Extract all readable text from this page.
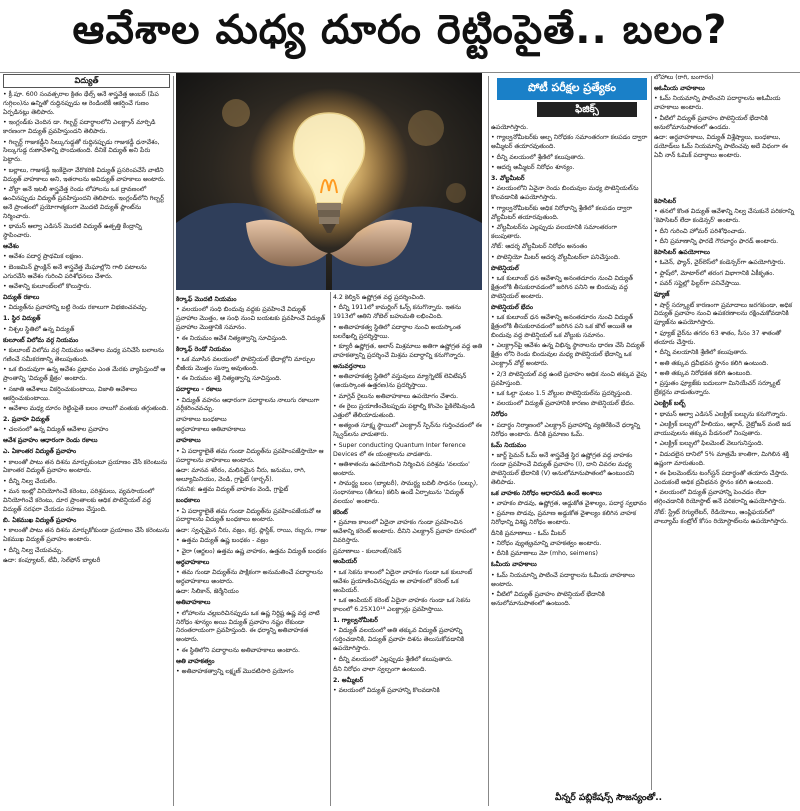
ఆవేశాల మధ్య దూరం రెట్టింపైతే.. బలం?
విద్యుత్

• క్రీ.పూ. 600 సంవత్సరాల క్రితం థేల్స్ అనే శాస్త్రవేత్త అంబర్ (పేప గుగ్గిలం)ను ఉన్నితో రుద్దినప్పుడు ఆ రెండింటికీ ఆకర్షించే గుణం ఏర్పడినట్లు తెలిపారు.

• ఇంగ్లండ్‌కు చెందిన డా. గిల్బర్ట్ పదార్థాలలోని ఎలక్ట్రాన్ మార్పిడి కారణంగా విద్యుత్ ప్రవహిస్తుందని తెలిపారు.

• గిల్బర్ట్ గాజుకడ్డీని సిల్కుగుడ్డతో రుద్దినప్పుడు గాజుకడ్డీ ధనావేశం, సిల్కుగుడ్డ రుణావేశాన్ని పొందుతుంది. దీనికే విద్యుత్ అని పేరు పెట్టారు.

• బల్లాలు, గాజుకడ్డీ ఇంకేదైనా వేరొకరికి విద్యుత్ ప్రసరింపచేసే వాటిని విద్యుత్ వాహకాలు అని, ఇతరాలను అవిద్యుత్ వాహకాలు అంటారు.

• వోల్టా అనే ఇటలీ శాస్త్రవేత్త రెండు లోహాలను ఒక ద్రావణంలో ఉంచినప్పుడు విద్యుత్ ప్రవహిస్తుందని తెలిపారు. ఇంగ్లండ్‌లోని గిల్బర్ట్ అనే ప్రాంతంలో ప్రయోగాత్మకంగా మొదటి విద్యుత్ ప్లాంట్‌ను నిర్మించారు.

• థామస్ ఆల్వా ఎడిసన్ మొదటి విద్యుత్ ఉత్పత్తి కేంద్రాన్ని స్థాపించారు.

ఆవేశం

• ఆవేశం పదార్థ ప్రాథమిక లక్షణం.

• బెంజమిన్ ఫ్రాంక్లిన్ అనే శాస్త్రవేత్త మేఘాల్లోని గాలి పటాలను ఎగురవేసి ఆవేశం గురించి పరిశోధనలు చేశారు.

• ఆవేశాన్ని కులూంబ్‌లలో కొలుస్తారు.

విద్యుత్ రకాలు

• విద్యుత్‌ను ప్రవాహాన్ని బట్టి రెండు రకాలుగా విభజించవచ్చు.

1. స్థిర విద్యుత్

• నిశ్చల స్థితిలో ఉన్న విద్యుత్

కులూంబ్ విలోమ వర్గ నియమం

• కులూంబ్ విలోమ వర్గ నియమం ఆవేశాల మధ్య పనిచేసే బలాలను గణించే సమీకరణాన్ని తెలుపుతుంది.

• ఒక బిందువుగా ఉన్న ఆవేశం ప్రభావం ఎంత మేరకు వ్యాపిస్తుందో ఆ ప్రాంతాన్ని 'విద్యుత్ క్షేత్రం' అంటారు.

• సజాతి ఆవేశాలు వికర్షించుకుంటాయి, విజాతి ఆవేశాలు ఆకర్షించుకుంటాయి.

• ఆవేశాల మధ్య దూరం రెట్టింపైతే బలం నాలుగో వంతుకు తగ్గుతుంది.

2. ప్రవాహ విద్యుత్

• చలనంలో ఉన్న విద్యుత్ ఆవేశాల ప్రవాహం

ఆవేశ ప్రవాహం ఆధారంగా రెండు రకాలు

ఎ. ఏకాంతర విద్యుత్ ప్రవాహం

• కాలంతో పాటు తన దిశను మార్చుకుంటూ ప్రయాణం చేసే కరెంటును ఏకాంతర విద్యుత్ ప్రవాహం అంటారు.

• దీన్ని నిల్వ చేయలేం.

• మన ఇంట్లో వినియోగించే కరెంటు, పరిశ్రమలు, వ్యవసాయంలో వినియోగించే కరెంటు, దూర ప్రాంతాలకు ఆధిక పొటెన్షియల్ వద్ద విద్యుత్ సరఫరా చేయడం సహజం చేస్తుంది.

బి. ఏకముఖ విద్యుత్ ప్రవాహం

• కాలంతో పాటు తన దిశను మార్చుకోకుండా ప్రయాణం చేసే కరెంటును ఏకముఖ విద్యుత్ ప్రవాహం అంటారు.

• దీన్ని నిల్వ చేయవచ్చు.

ఉదా: కంప్యూటర్, టీవీ, సెల్‌ఫోన్ బ్యాటరీ

కిర్కాఫ్ మొదటి నియమం

• వలయంలో సంధి బిందువు వద్దకు ప్రవహించే విద్యుత్ ప్రవాహాల మొత్తం, ఆ సంధి నుంచి బయటకు ప్రవహించే విద్యుత్ ప్రవాహాల మొత్తానికి సమానం.

• ఈ నియమం ఆవేశ నిత్యత్వాన్ని సూచిస్తుంది.

కిర్కాఫ్ రెండో నియమం

• ఒక మూసిన వలయంలో పొటెన్షియల్ భేదాల్లోని మార్పుల బీజీయ మొత్తం సున్నా అవుతుంది.

• ఈ నియమం శక్తి నిత్యత్వాన్ని సూచిస్తుంది.

పదార్థాలు - రకాలు

• విద్యుత్ వహనం ఆధారంగా పదార్థాలను నాలుగు రకాలుగా వర్గీకరించవచ్చు.

వాహకాలు బంధకాలు

అర్ధవాహకాలు అతివాహకాలు

వాహకాలు

• ఏ పదార్థాలైతే తమ గుండా విద్యుత్‌ను ప్రవహింపజేస్తాయో ఆ పదార్థాలను వాహకాలు అంటారు.

ఉదా: మానవ శరీరం, మలినమైన నీరు, జనుము, రాగి, అల్యూమినియం, వెండి, గ్రాఫైట్ (కార్బన్).

గమనిక: ఉత్తమ విద్యుత్ వాహకం వెండి, గ్రాఫైట్

బంధకాలు

• ఏ పదార్థాలైతే తమ గుండా విద్యుత్‌ను ప్రవహింపజేయవో ఆ పదార్థాలను విద్యుత్ బంధకాలు అంటారు.

ఉదా: స్వచ్ఛమైన నీరు, వజ్రం, కర్ర, ప్లాస్టిక్, రాయి, రబ్బరు, గాజు

• ఉత్తమ విద్యుత్ ఉష్ణ బంధకం - వజ్రం

• వైరా (ఆర్జలం) ఉత్తమ ఉష్ణ వాహకం, ఉత్తమ విద్యుత్ బంధకం

అర్ధవాహకాలు

• తమ గుండా విద్యుత్‌ను పాక్షికంగా అనుమతించే పదార్థాలను అర్ధవాహకాలు అంటారు.

ఉదా: సిలికాన్, జెర్మేనియం

అతివాహకాలు

• లోహాలను చల్లబరిచినప్పుడు ఒక ఉష్ణ నిర్దిష్ట ఉష్ణ వద్ద వాటి నిరోధం శూన్యం అయి విద్యుత్ ప్రవాహం నష్టం లేకుండా నిరంతరాయంగా ప్రవహిస్తుంది. ఈ ధర్మాన్ని అతివాహకత అంటారు.

• ఈ స్థితిలోని పదార్థాలను అతివాహకాలు అంటారు.

ఆతి వాహకత్వం

• అతివాహకత్వాన్ని లక్ష్మణ్ మొదటిసారి ప్రయోగం

4.2 కెల్విన్ ఉష్ణోగ్రత వద్ద ప్రదర్శించింది.

• దీన్ని 1911లో కామర్లింగ్ ఓన్స్ కనుగొన్నారు. ఇతను 1913లో ఆతిని నోబెల్ బహుమతి లభించింది.

• అతివాహకత్వ స్థితిలో పదార్థాల నుంచి అయస్కాంత బలరేఖల్ని ప్రదర్శిస్తాయి.

• క్యూరీ ఉష్ణోగ్రత, అలాస్ మిశ్రమాలు అతిగా ఉష్ణోగ్రత వద్ద అతి వాహకత్వాన్ని ప్రదర్శించే మిశ్రమ పదార్థాన్ని కనుగొన్నారు.

అనువర్తనాలు

• అతివాహకత్వ స్థితిలో వస్తువులు మ్యాగ్నెటిక్ లెవిటేషన్ (అయస్కాంత ఉత్తరణ)ను ప్రదర్శిస్తాయి.

• మాగ్లెవ్ రైలును అతివాహకాలు ఉపయోగం చేశారు.

• ఈ రైలు ప్రయాణించేటప్పుడు పట్టాల్ని కొంచెం పైకిలేపివుండి ఎత్తులో తేలియాడుతుంది.

• అత్యంత సూక్ష్మ స్థాయిలో ఎలక్ట్రాన్ స్పిన్‌ను గుర్తించడంలో ఈ స్క్విడ్‌లను వాడుతారు.

• Super conducting Quantum Inter ference Devices లో ఈ యంత్రాలను వాడతారు.

• ఆతిశాతంను ఉపయోగించి నిర్మించిన పరిశ్రమ 'వలయం' అంటారు.

• సామర్థ్య బలం (బ్యాటరీ), సామర్థ్య బదిలీ సాధనం (బల్బు), సంధానకాలు (తీగలు) కలిసి ఉండే ఏర్పాటును 'విద్యుత్ వలయం' అంటారు.

కరెంట్

• ప్రమాణ కాలంలో ఏదైనా వాహకం గుండా ప్రవహించిన ఆవేశాన్ని కరెంట్ అంటారు. దీనిని ఎలక్ట్రాన్ ప్రవాహ రూపంలో వివరిస్తారు.

ప్రమాణాలు - కులూంబ్/సెకన్

ఆంపియర్

• ఒక సెకను కాలంలో ఏదైనా వాహకం గుండా ఒక కులూంబ్ ఆవేశం ప్రయాణించినప్పుడు ఆ వాహకంలో కరెంట్ ఒక ఆంపియర్.

• ఒక ఆంపియర్ కరెంట్ ఏదైనా వాహకం గుండా ఒక సెకను కాలంలో 6.25X10¹⁸ ఎలక్ట్రాన్లు ప్రవహిస్తాయి.

1. గ్యాల్వనోమీటర్

• విద్యుత్ వలయంలో అతి తక్కువ విద్యుత్ ప్రవాహాన్ని గుర్తించడానికి, విద్యుత్ ప్రవాహ దిశను తెలుసుకోవడానికి ఉపయోగిస్తారు.

• దీన్ని వలయంలో ఎల్లప్పుడు శ్రేణిలో కలుపుతారు.

దీని నిరోధం చాలా స్వల్పంగా ఉంటుంది.

2. అమ్మీటర్

• వలయంలో విద్యుత్ ప్రవాహాన్ని కొలవడానికి

పోటీ పరీక్షల ప్రత్యేకం
ఫిజిక్స్

ఉపయోగిస్తారు.

• గ్యాల్వనోమీటర్‌కు అల్ప నిరోధకం సమాంతరంగా కలపడం ద్వారా అమ్మీటర్ తయారవుతుంది.

• దీన్ని వలయంలో శ్రేణిలో కలుపుతారు.

• ఆదర్శ అమ్మీటర్ నిరోధం శూన్యం.

3. వోల్టమీటర్

• వలయంలోని ఏవైనా రెండు బిందువుల మధ్య పొటెన్షియల్‌ను కొలవడానికి ఉపయోగిస్తారు.

• గ్యాల్వనోమీటర్‌కు అధిక నిరోధాన్ని శ్రేణిలో కలపడం ద్వారా వోల్టమీటర్ తయారవుతుంది.

• వోల్టమీటర్‌ను ఎల్లప్పుడు వలయానికి సమాంతరంగా కలుపుతారు.

నోట్: ఆదర్శ వోల్టమీటర్ నిరోధం అనంతం

• పొటెన్షియో మీటర్ ఆదర్శ వోల్టమీటర్‌లా పనిచేస్తుంది.

పొటెన్షియల్

• ఒక కులూంబ్ ధన ఆవేశాన్ని అనంతదూరం నుంచి విద్యుత్ క్షేత్రంలోకి తీసుకురావడంలో జరిగిన పనిని ఆ బిందువు వద్ద పొటెన్షియల్ అంటారు.

పొటెన్షియల్ భేదం

• ఒక కులూంబ్ ధన ఆవేశాన్ని అనంతదూరం నుంచి విద్యుత్ క్షేత్రంలోకి తీసుకురావడంలో జరిగిన పని ఒక జౌల్ అయితే ఆ బిందువు వద్ద పొటెన్షియల్ ఒక వోల్టుకు సమానం.

• ఎలక్ట్రాన్‌పై ఆవేశం ఉన్న విభిన్న స్థానాలను ధారణ చేసే విద్యుత్ క్షేత్రం లోని రెండు బిందువుల మధ్య పొటెన్షియల్ భేదాన్ని ఒక ఎలక్ట్రాన్ వోల్ట్ అంటారు.

• 2/3 పొటెన్షియల్ వద్ద ఉంటే ప్రవాహం అధిక నుంచి తక్కువ వైపు ప్రవహిస్తుంది.

• ఒక ఓల్టా ఘటం 1.5 వోల్టుల పొటెన్షియల్‌ను ప్రదర్శిస్తుంది.

• వలయంలో విద్యుత్ ప్రవాహానికి కారణం పొటెన్షియల్ భేదం.

నిరోధం

• పదార్థం నిర్మాణంలో ఎలక్ట్రాన్ ప్రవాహాన్ని వ్యతిరేకించే ధర్మాన్ని నిరోధం అంటారు. దీనికి ప్రమాణం ఓమ్.

ఓమ్ నియమం

• జార్జ్ సైమన్ ఓమ్ అనే శాస్త్రవేత్త స్థిర ఉష్ణోగ్రత వద్ద వాహకం గుండా ప్రవహించే విద్యుత్ ప్రవాహం (I), దాని చివరల మధ్య పొటెన్షియల్ భేదానికి (V) అనులోమానుపాతంలో ఉంటుందని తెలిపాడు.

ఒక వాహకం నిరోధం ఆధారపడి ఉండే అంశాలు

• వాహకం పొడవు, ఉష్ణోగ్రత, అడ్డుకోత వైశాల్యం, పదార్థ స్వభావం

• ప్రమాణ పొడవు, ప్రమాణ అడ్డుకోత వైశాల్యం కలిగిన వాహక నిరోధాన్ని విశిష్ట నిరోధం అంటారు.

దీనికి ప్రమాణాలు - ఓమ్ మీటర్

• నిరోధం వ్యుత్క్రమాన్ని వాహకత్వం అంటారు.

• దీనికి ప్రమాణాలు మో (mho, seimens)

ఓమీయ వాహకాలు

• ఓమ్ నియమాన్ని పాటించే పదార్థాలను ఓమీయ వాహకాలు అంటారు.

• వీటిలో విద్యుత్ ప్రవాహం పొటెన్షియల్ భేదానికి అనులోమానుపాతంలో ఉంటుంది.

లోహాలు (రాగి, బంగారం)

అఓమీయ వాహకాలు

• ఓమ్ నియమాన్ని పాటించని పదార్థాలను అఓమీయ వాహకాలు అంటారు.

• వీటిలో విద్యుత్ ప్రవాహం పొటెన్షియల్ భేదానికి అనులోమానుపాతంలో ఉండదు.

ఉదా: అర్ధవాహకాలు, విద్యుత్ విశ్లేష్యాలు, బంధకాలు, డయోడ్‌లు ఓమ్ నియమాన్ని పాటించవు అదే విధంగా ఈ ఏవీ నాన్ ఓమిక్ పదార్థాలు అంటారు.

కెపాసిటర్

• తనలో కొంత విద్యుత్ ఆవేశాన్ని నిల్వ చేసుకునే పరికరాన్ని 'కెపాసిటర్ లేదా కండెన్సర్' అంటారు.

• దీని గురించి హోమర్ పరిశోధించాడు.

• దీని ప్రమాణాన్ని ఫారడే గౌరవార్థం ఫారడ్ అంటారు.

కెపాసిటర్ ఉపయోగాలు

• ఓవెన్, ఫ్యాన్, వైర్‌లెస్‌లో కండెన్సర్‌గా ఉపయోగిస్తారు.

• ఫ్లాష్‌లో, మోటార్‌లో తరంగ విభాగానికి ఏకీకృతం.

• పవర్ సప్లైల్లో ఫిల్టర్‌గా పనిచేస్తాయి.

ఫ్యూజ్

• షార్ట్ సర్క్యూట్ కారణంగా ప్రమాదాలు జరగకుండా, అధిక విద్యుత్ ప్రవాహం నుంచి ఉపకరణాలను రక్షించుకోవడానికి ఫ్యూజ్‌ను ఉపయోగిస్తారు.

• ఫ్యూజ్ వైర్‌ను తగరం 63 శాతం, సీసం 37 శాతంతో తయారు చేస్తారు.

• దీన్ని వలయానికి శ్రేణిలో కలుపుతారు.

• అతి తక్కువ ద్రవీభవన స్థానం కలిగి ఉంటుంది.

• అతి తక్కువ నిరోధకత కలిగి ఉంటుంది.

• ప్రస్తుతం ఫ్యూజ్‌కు బదులుగా మినియేచర్ సర్క్యూట్ బ్రేకర్లను వాడుతున్నారు.

ఎలక్ట్రిక్ బల్బ్

• థామస్ ఆల్వా ఎడిసన్ ఎలక్ట్రిక్ బల్బును కనుగొన్నారు.

• ఎలక్ట్రిక్ బల్బులో హీలియం, ఆర్గాన్, నైట్రోజన్ వంటి జడ వాయువులను తక్కువ పీడనంలో నింపుతారు.

• ఎలక్ట్రిక్ బల్బులో ఫిలమెంట్ వెలుగునిస్తుంది.

• విడుదలైన దానిలో 5% మాత్రమే కాంతిగా, మిగిలిన శక్తి ఉష్ణంగా మారుతుంది.

• ఈ ఫిలమెంట్‌ను టంగ్‌స్టన్ పదార్థంతో తయారు చేస్తారు. ఎందుకంటే అధిక ద్రవీభవన స్థానం కలిగి ఉంటుంది.

• వలయంలో విద్యుత్ ప్రవాహాన్ని పెంచడం లేదా తగ్గించడానికి రియోస్టాట్ అనే పరికరాన్ని ఉపయోగిస్తారు.

నోట్: స్ట్రేట్ రెగ్యులేటర్, రేడియోలు, ఆంప్లిఫయర్‌లో వాల్యూమ్ కంట్రోల్ కోసం రియోస్టాట్‌లను ఉపయోగిస్తారు.

వీన్నర్ పబ్లికేషన్స్ సౌజన్యంతో..
